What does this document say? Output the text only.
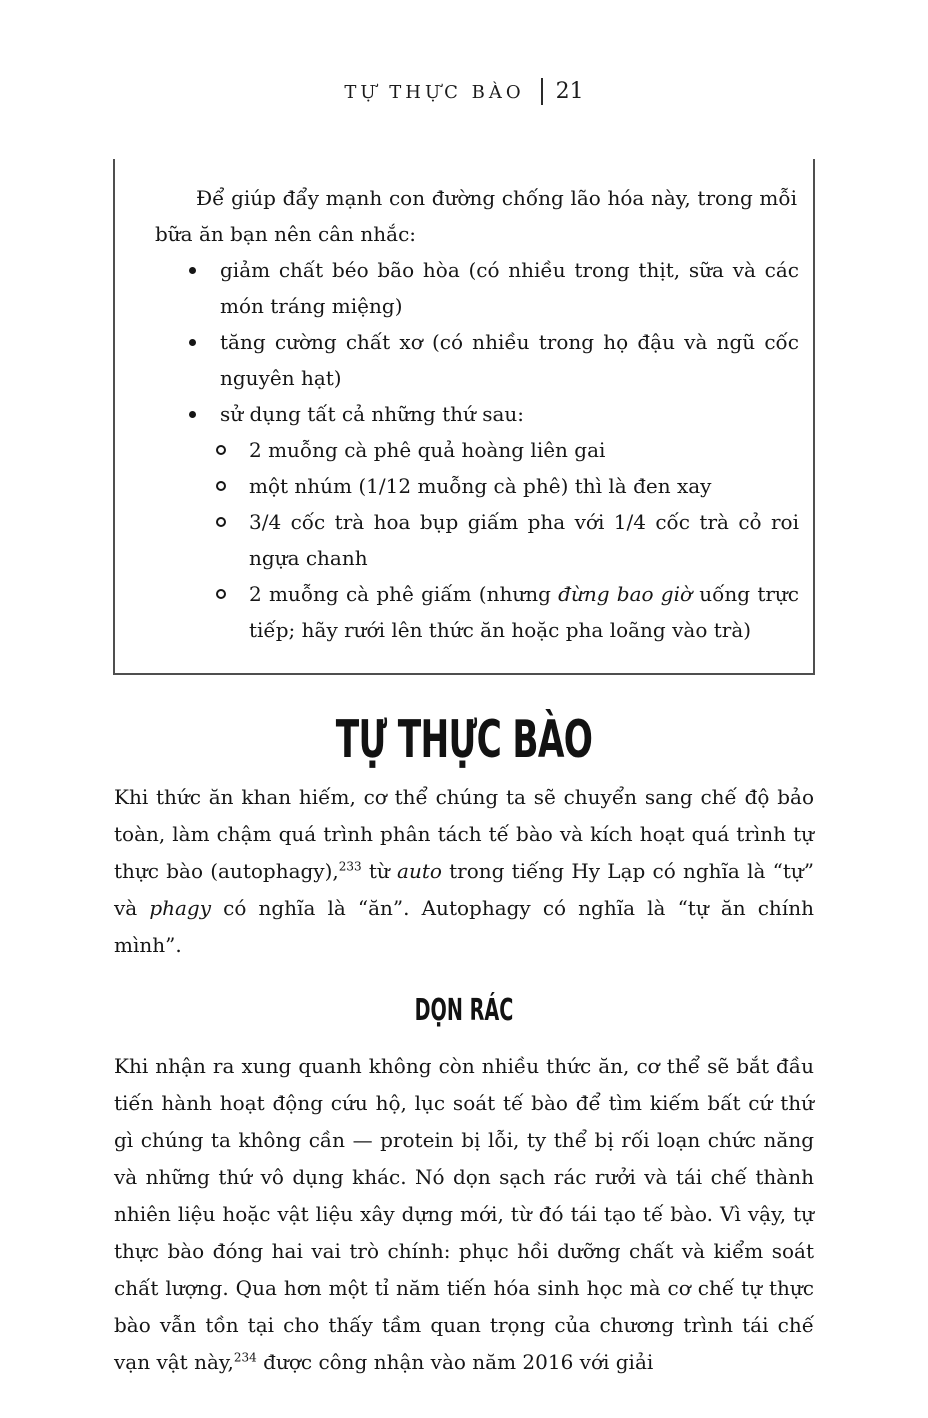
TỰ THỰC BÀO 21

Để giúp đẩy mạnh con đường chống lão hóa này, trong mỗi bữa ăn bạn nên cân nhắc:

giảm chất béo bão hòa (có nhiều trong thịt, sữa và các món tráng miệng)
tăng cường chất xơ (có nhiều trong họ đậu và ngũ cốc nguyên hạt)
sử dụng tất cả những thứ sau:
2 muỗng cà phê quả hoàng liên gai
một nhúm (1/12 muỗng cà phê) thì là đen xay
3/4 cốc trà hoa bụp giấm pha với 1/4 cốc trà cỏ roi ngựa chanh
2 muỗng cà phê giấm (nhưng đừng bao giờ uống trực tiếp; hãy rưới lên thức ăn hoặc pha loãng vào trà)
TỰ THỰC BÀO

Khi thức ăn khan hiếm, cơ thể chúng ta sẽ chuyển sang chế độ bảo toàn, làm chậm quá trình phân tách tế bào và kích hoạt quá trình tự thực bào (autophagy),$^{233}$ từ auto trong tiếng Hy Lạp có nghĩa là “tự” và phagy có nghĩa là “ăn”. Autophagy có nghĩa là “tự ăn chính mình”.

DỌN RÁC

Khi nhận ra xung quanh không còn nhiều thức ăn, cơ thể sẽ bắt đầu tiến hành hoạt động cứu hộ, lục soát tế bào để tìm kiếm bất cứ thứ gì chúng ta không cần — protein bị lỗi, ty thể bị rối loạn chức năng và những thứ vô dụng khác. Nó dọn sạch rác rưởi và tái chế thành nhiên liệu hoặc vật liệu xây dựng mới, từ đó tái tạo tế bào. Vì vậy, tự thực bào đóng hai vai trò chính: phục hồi dưỡng chất và kiểm soát chất lượng. Qua hơn một tỉ năm tiến hóa sinh học mà cơ chế tự thực bào vẫn tồn tại cho thấy tầm quan trọng của chương trình tái chế vạn vật này,$^{234}$ được công nhận vào năm 2016 với giải
